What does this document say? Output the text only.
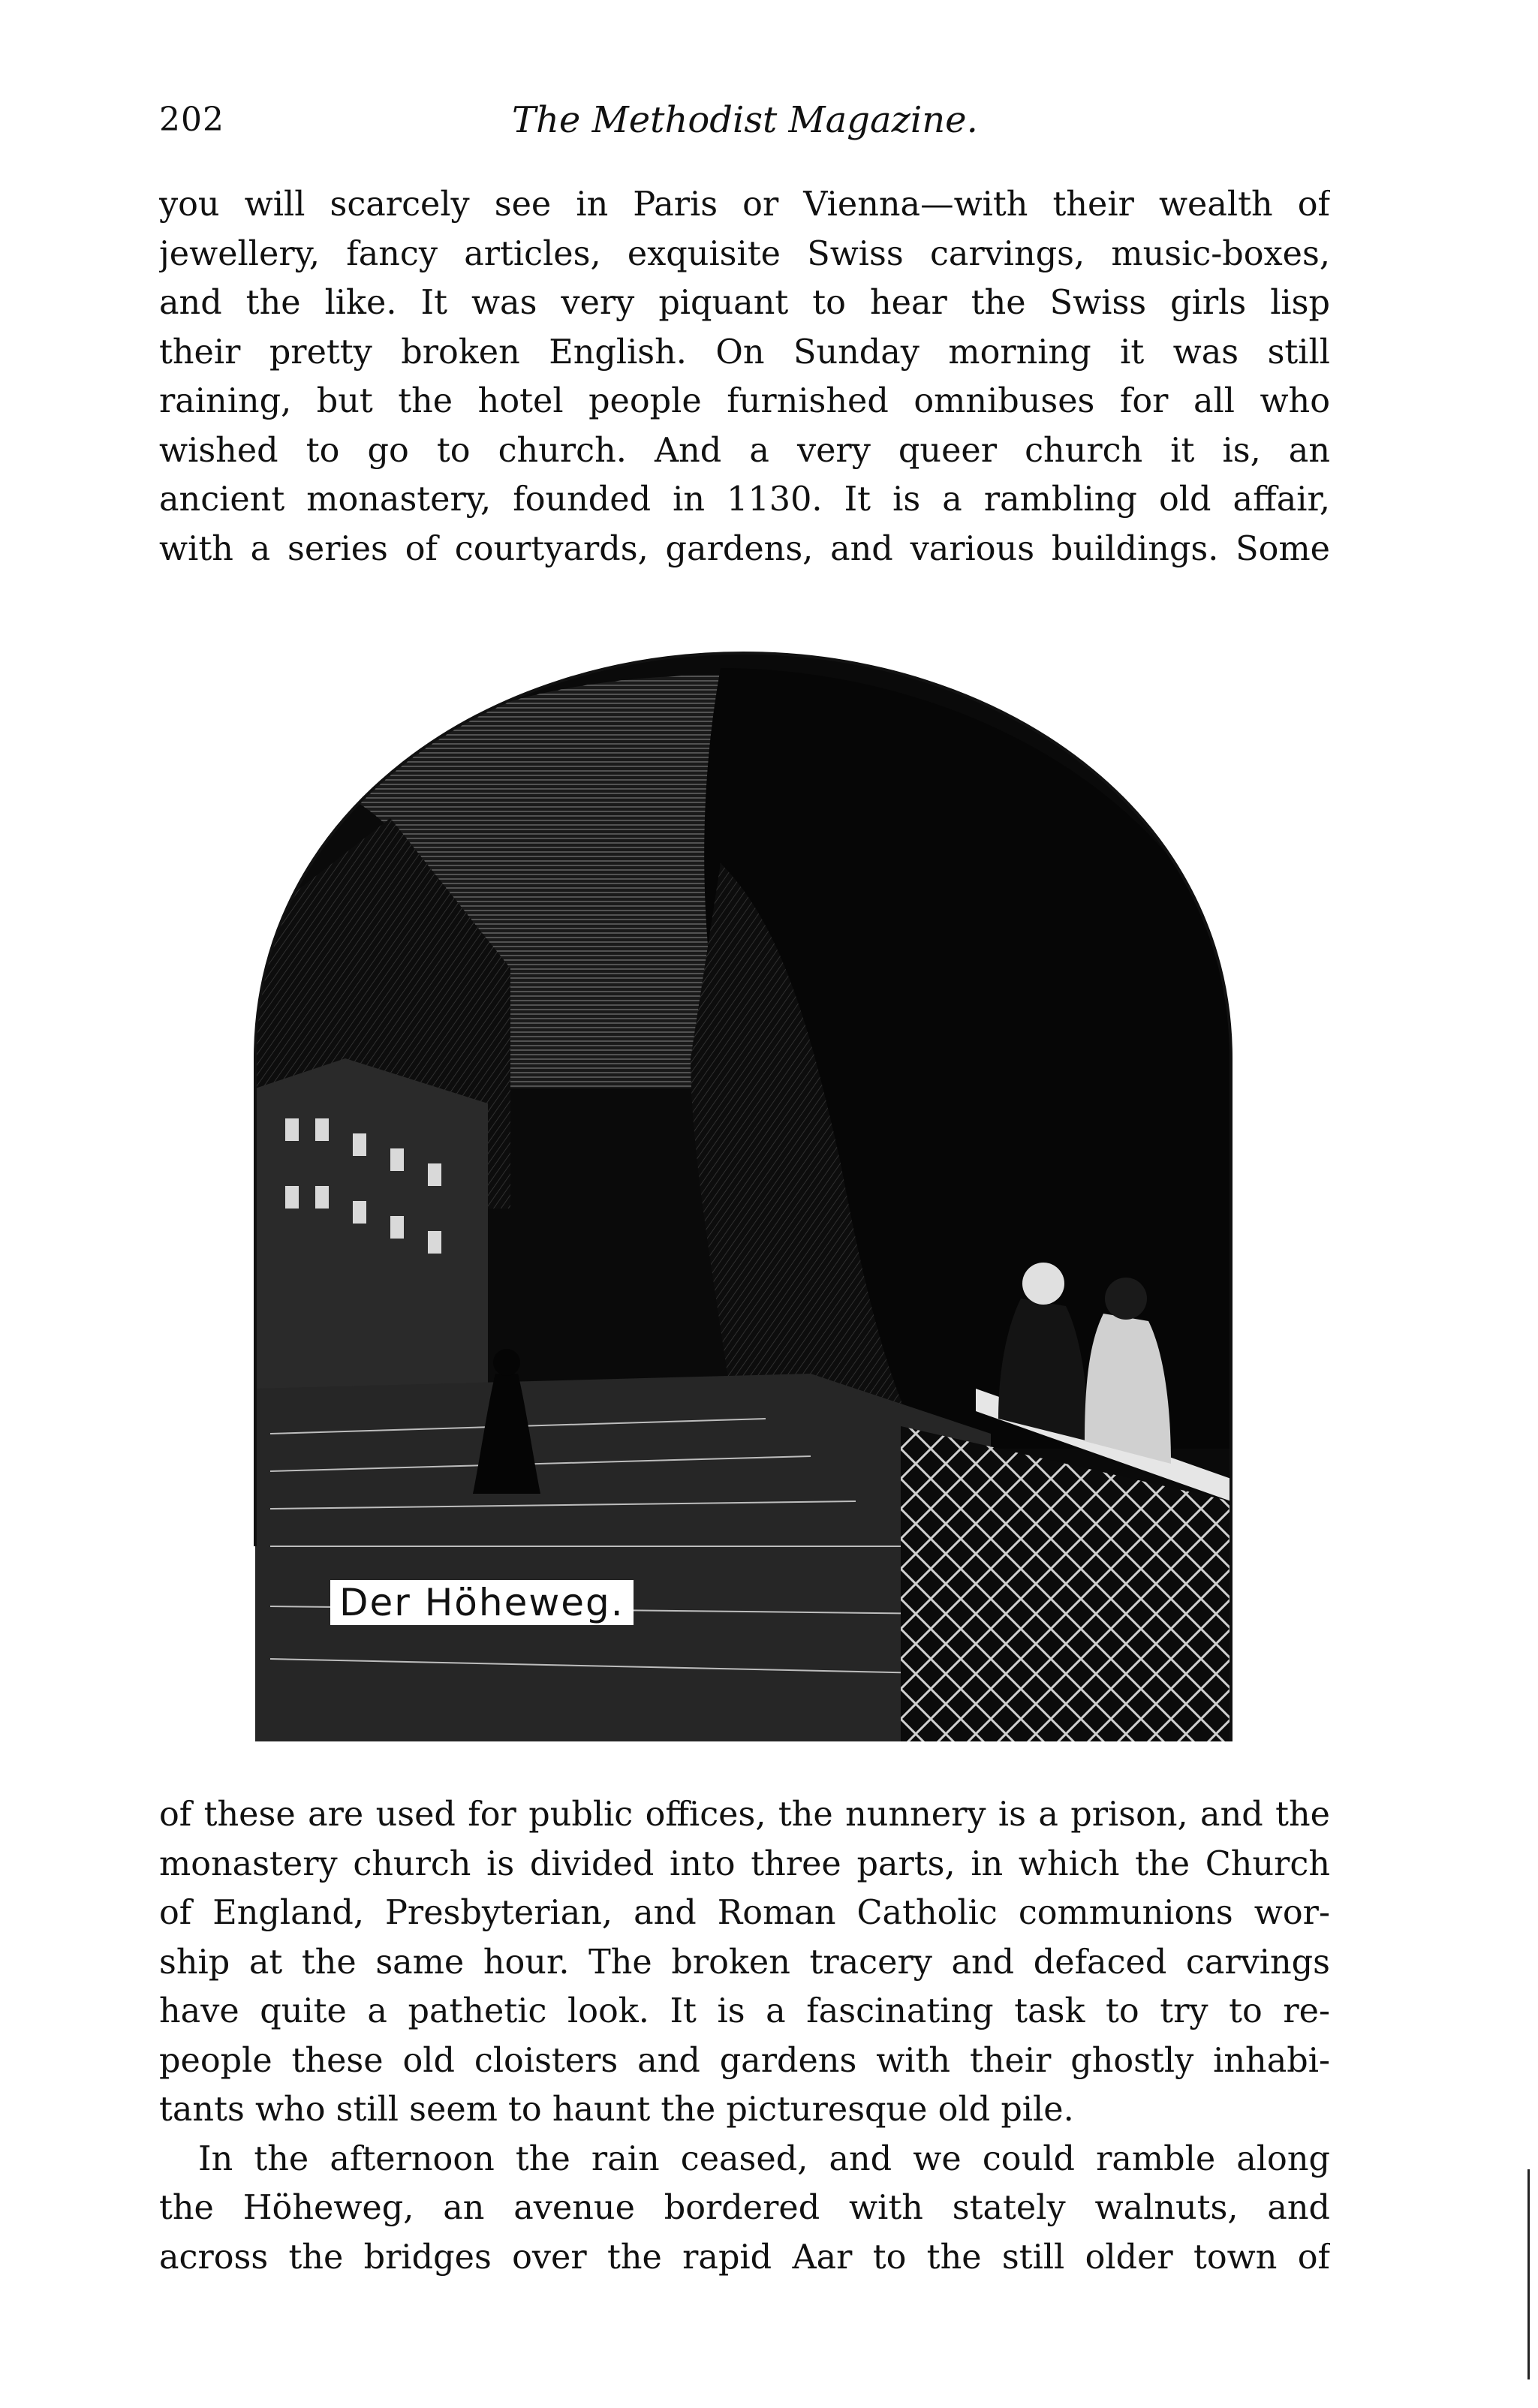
202	The Methodist Magazine.
you will scarcely see in Paris or Vienna—with their wealth of
jewellery, fancy articles, exquisite Swiss carvings, music-boxes,
and the like. It was very piquant to hear the Swiss girls lisp
their pretty broken English. On Sunday morning it was still
raining, but the hotel people furnished omnibuses for all who
wished to go to church. And a very queer church it is, an
ancient monastery, founded in 1130. It is a rambling old affair,
with a series of courtyards, gardens, and various buildings. Some
Der Höheweg.
of these are used for public offices, the nunnery is a prison, and the
monastery church is divided into three parts, in which the Church
of England, Presbyterian, and Roman Catholic communions wor-
ship at the same hour. The broken tracery and defaced carvings
have quite a pathetic look. It is a fascinating task to try to re-
people these old cloisters and gardens with their ghostly inhabi-
tants who still seem to haunt the picturesque old pile.
In the afternoon the rain ceased, and we could ramble along
the Höheweg, an avenue bordered with stately walnuts, and
across the bridges over the rapid Aar to the still older town of
